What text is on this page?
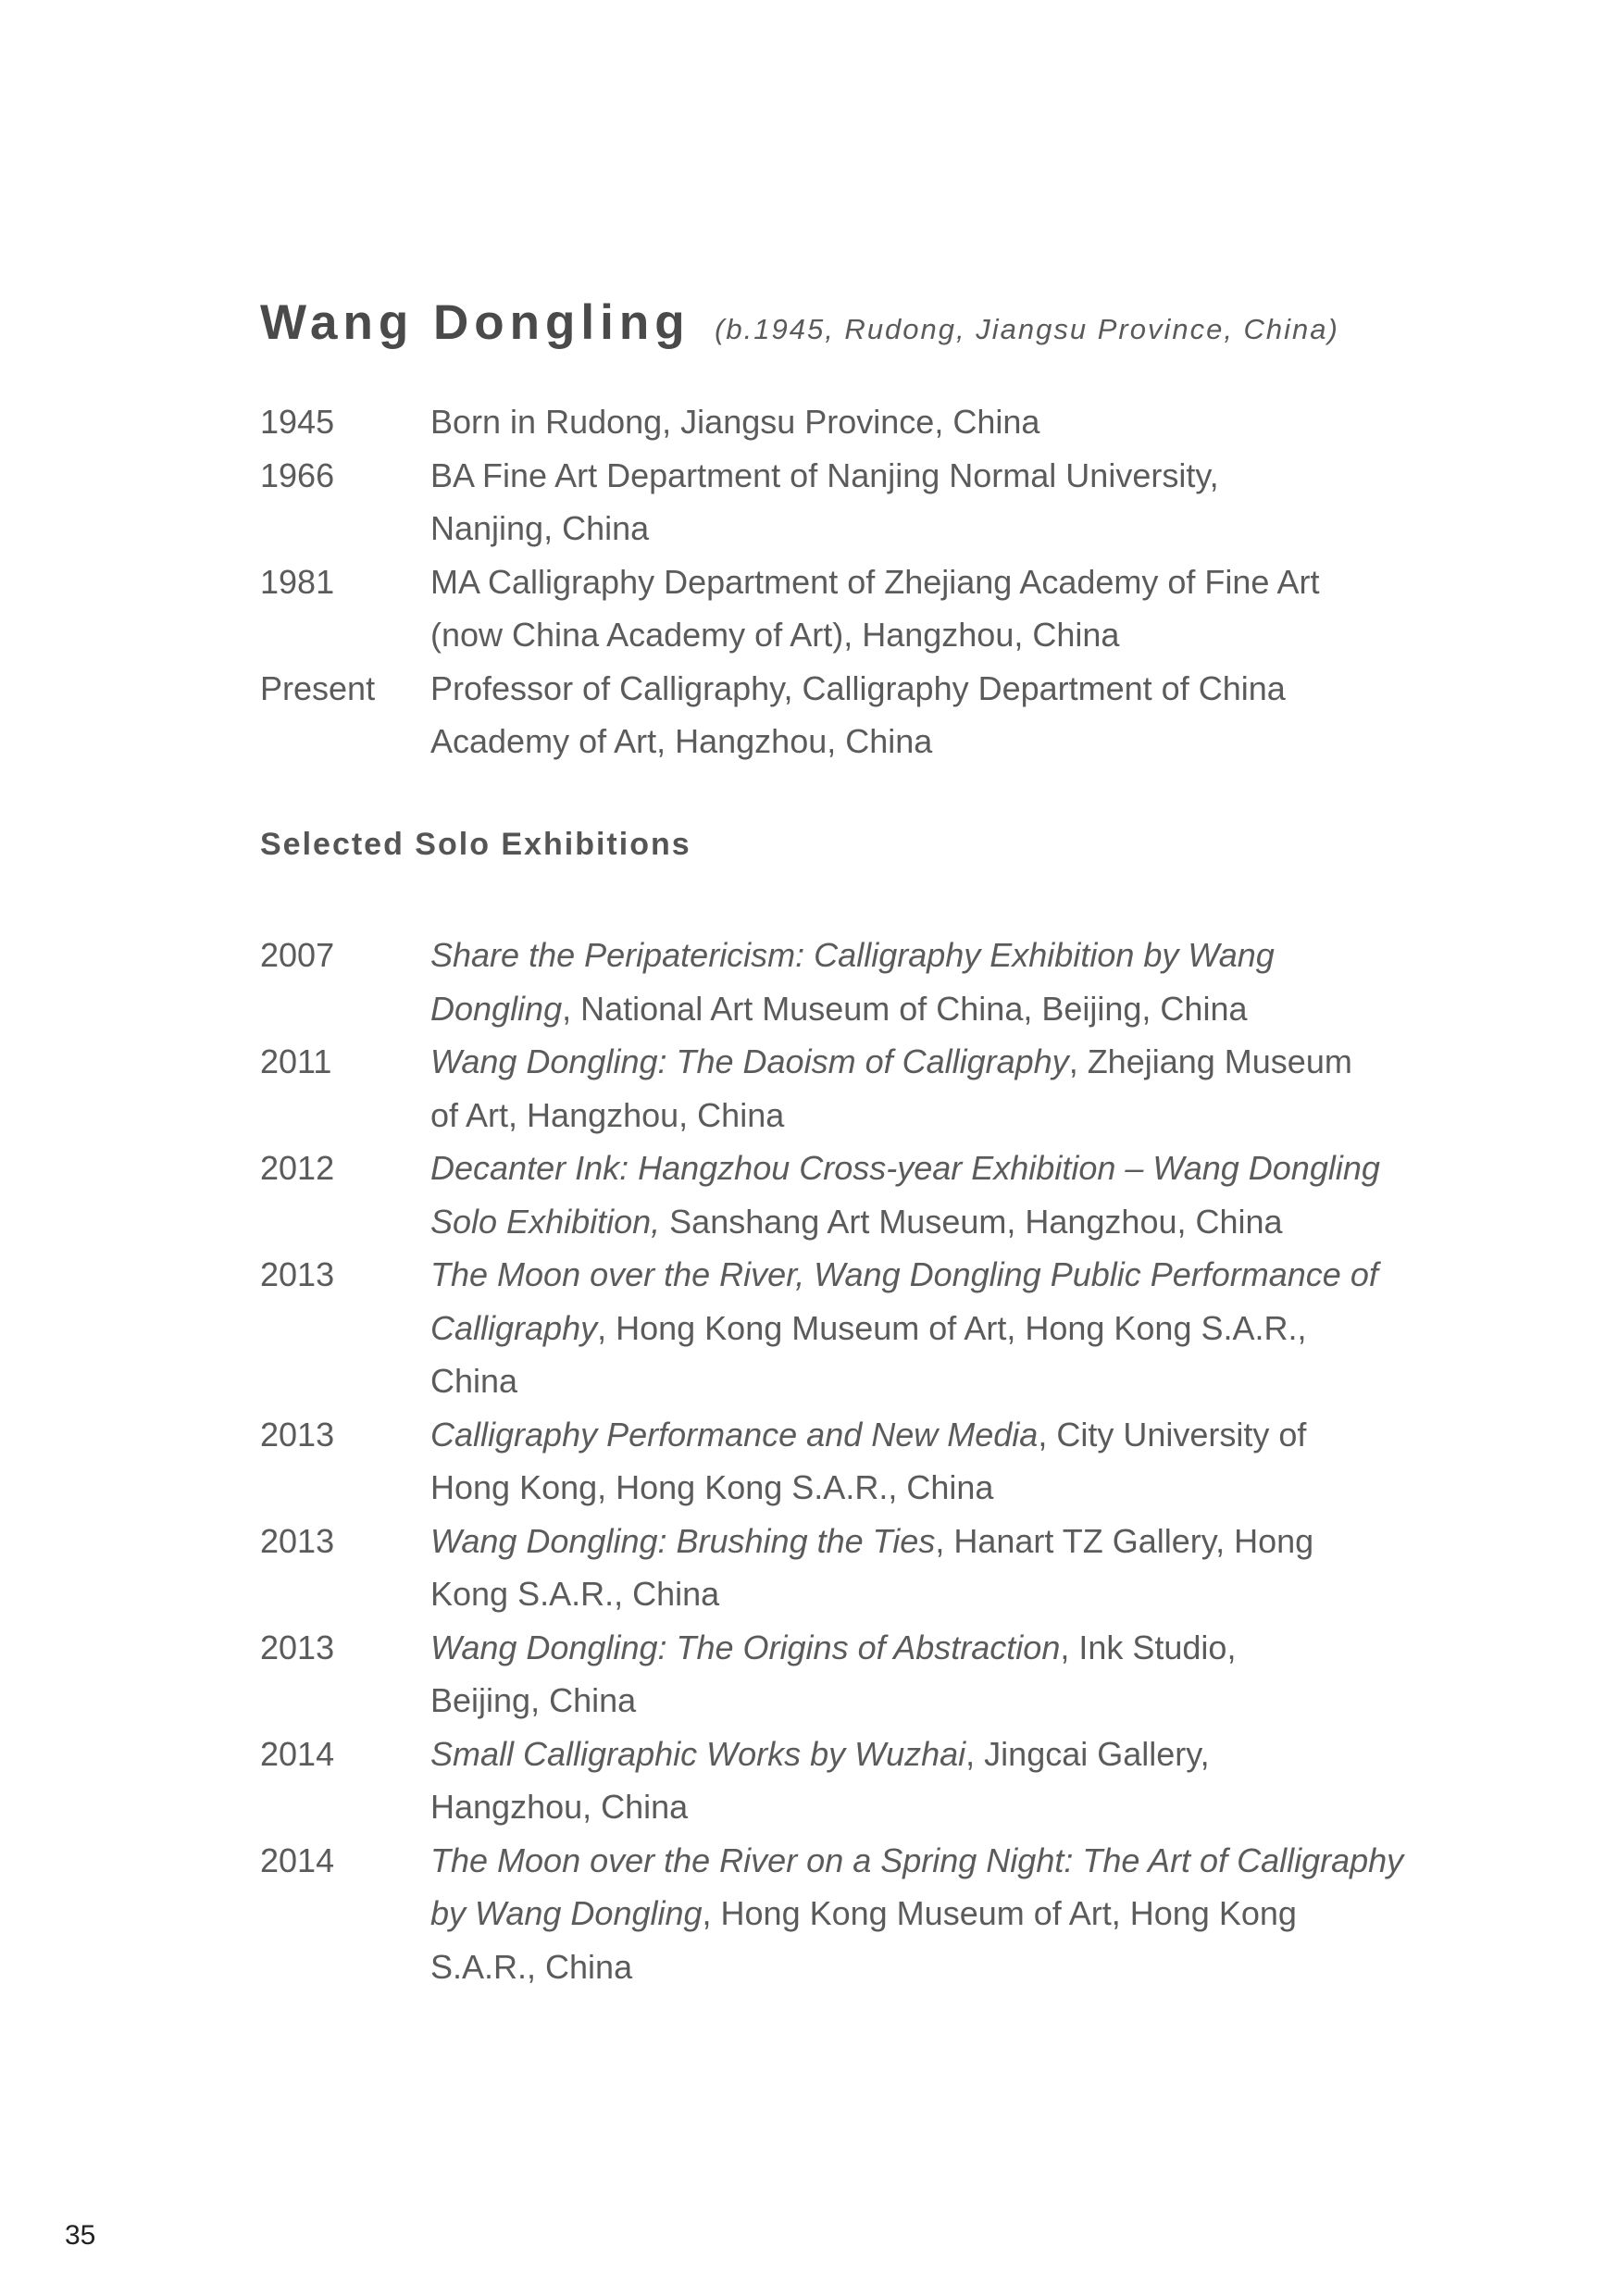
Wang Dongling (b.1945, Rudong, Jiangsu Province, China)
1945	Born in Rudong, Jiangsu Province, China
1966	BA Fine Art Department of Nanjing Normal University,
Nanjing, China
1981	MA Calligraphy Department of Zhejiang Academy of Fine Art
(now China Academy of Art), Hangzhou, China
Present	Professor of Calligraphy, Calligraphy Department of China
Academy of Art, Hangzhou, China
Selected Solo Exhibitions
2007	Share the Peripatericism: Calligraphy Exhibition by Wang
Dongling, National Art Museum of China, Beijing, China
2011	Wang Dongling: The Daoism of Calligraphy, Zhejiang Museum
of Art, Hangzhou, China
2012	Decanter Ink: Hangzhou Cross-year Exhibition – Wang Dongling
Solo Exhibition, Sanshang Art Museum, Hangzhou, China
2013	The Moon over the River, Wang Dongling Public Performance of
Calligraphy, Hong Kong Museum of Art, Hong Kong S.A.R.,
China
2013	Calligraphy Performance and New Media, City University of
Hong Kong, Hong Kong S.A.R., China
2013	Wang Dongling: Brushing the Ties, Hanart TZ Gallery, Hong
Kong S.A.R., China
2013	Wang Dongling: The Origins of Abstraction, Ink Studio,
Beijing, China
2014	Small Calligraphic Works by Wuzhai, Jingcai Gallery,
Hangzhou, China
2014	The Moon over the River on a Spring Night: The Art of Calligraphy
by Wang Dongling, Hong Kong Museum of Art, Hong Kong
S.A.R., China
35
